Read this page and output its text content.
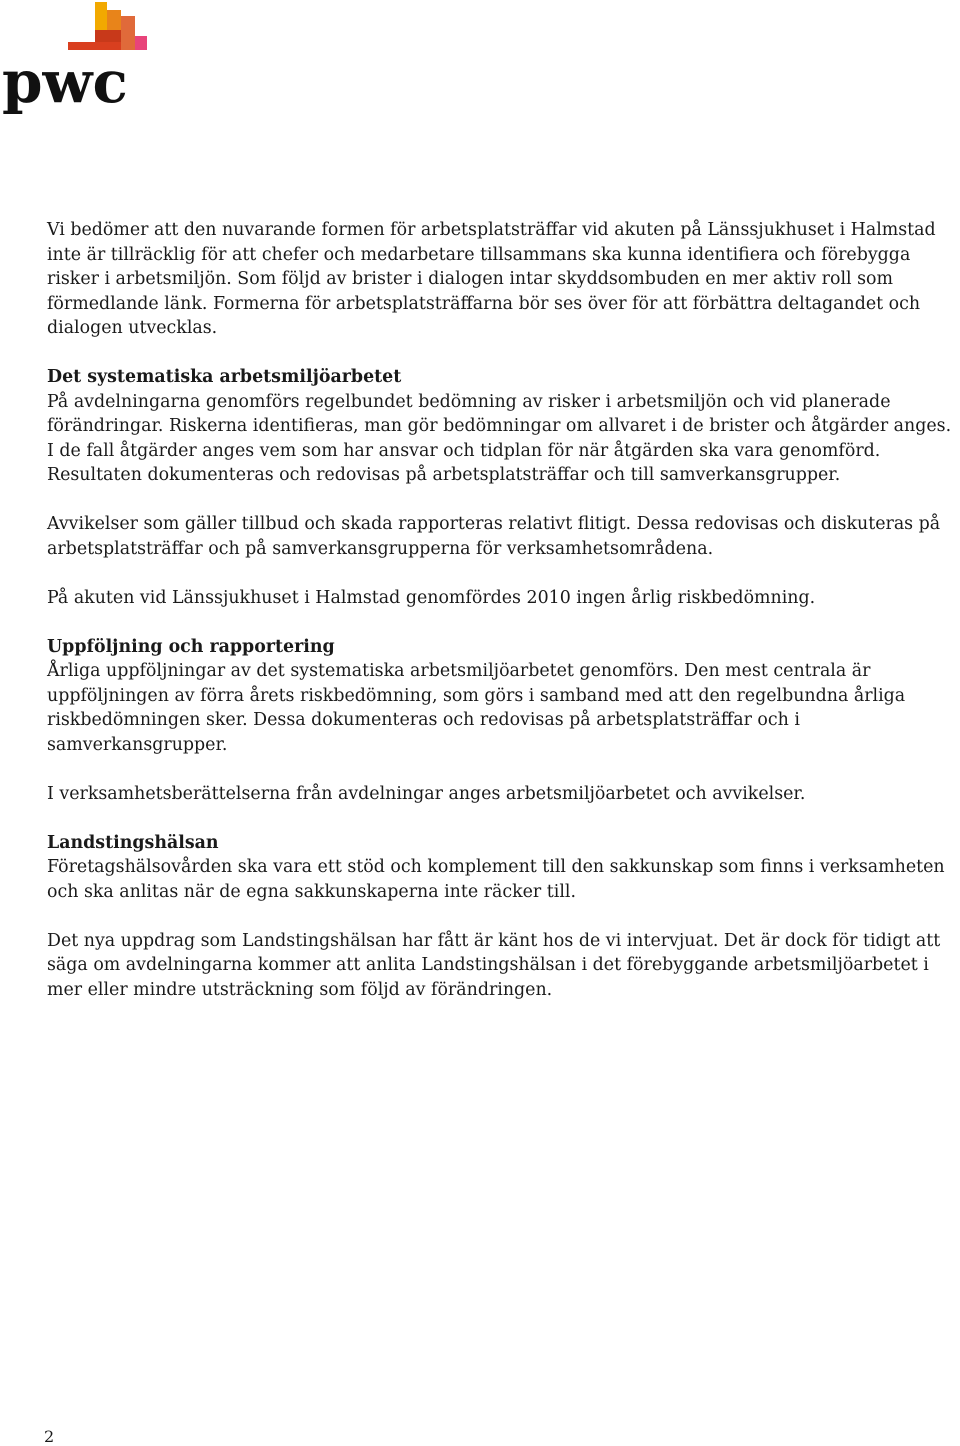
pwc

Vi bedömer att den nuvarande formen för arbetsplatsträffar vid akuten på Länssjukhuset i Halmstad inte är tillräcklig för att chefer och medarbetare tillsammans ska kunna identifiera och förebygga risker i arbetsmiljön. Som följd av brister i dialogen intar skyddsombuden en mer aktiv roll som förmedlande länk. Formerna för arbetsplatsträffarna bör ses över för att förbättra deltagandet och dialogen utvecklas.

Det systematiska arbetsmiljöarbetet

På avdelningarna genomförs regelbundet bedömning av risker i arbetsmiljön och vid planerade förändringar. Riskerna identifieras, man gör bedömningar om allvaret i de brister och åtgärder anges. I de fall åtgärder anges vem som har ansvar och tidplan för när åtgärden ska vara genomförd. Resultaten dokumenteras och redovisas på arbetsplatsträffar och till samverkansgrupper.

Avvikelser som gäller tillbud och skada rapporteras relativt flitigt. Dessa redovisas och diskuteras på arbetsplatsträffar och på samverkansgrupperna för verksamhetsområdena.

På akuten vid Länssjukhuset i Halmstad genomfördes 2010 ingen årlig riskbedömning.

Uppföljning och rapportering

Årliga uppföljningar av det systematiska arbetsmiljöarbetet genomförs. Den mest centrala är uppföljningen av förra årets riskbedömning, som görs i samband med att den regelbundna årliga riskbedömningen sker. Dessa dokumenteras och redovisas på arbetsplatsträffar och i samverkansgrupper.

I verksamhetsberättelserna från avdelningar anges arbetsmiljöarbetet och avvikelser.

Landstingshälsan

Företagshälsovården ska vara ett stöd och komplement till den sakkunskap som finns i verksamheten och ska anlitas när de egna sakkunskaperna inte räcker till.

Det nya uppdrag som Landstingshälsan har fått är känt hos de vi intervjuat. Det är dock för tidigt att säga om avdelningarna kommer att anlita Landstingshälsan i det förebyggande arbetsmiljöarbetet i mer eller mindre utsträckning som följd av förändringen.

2
